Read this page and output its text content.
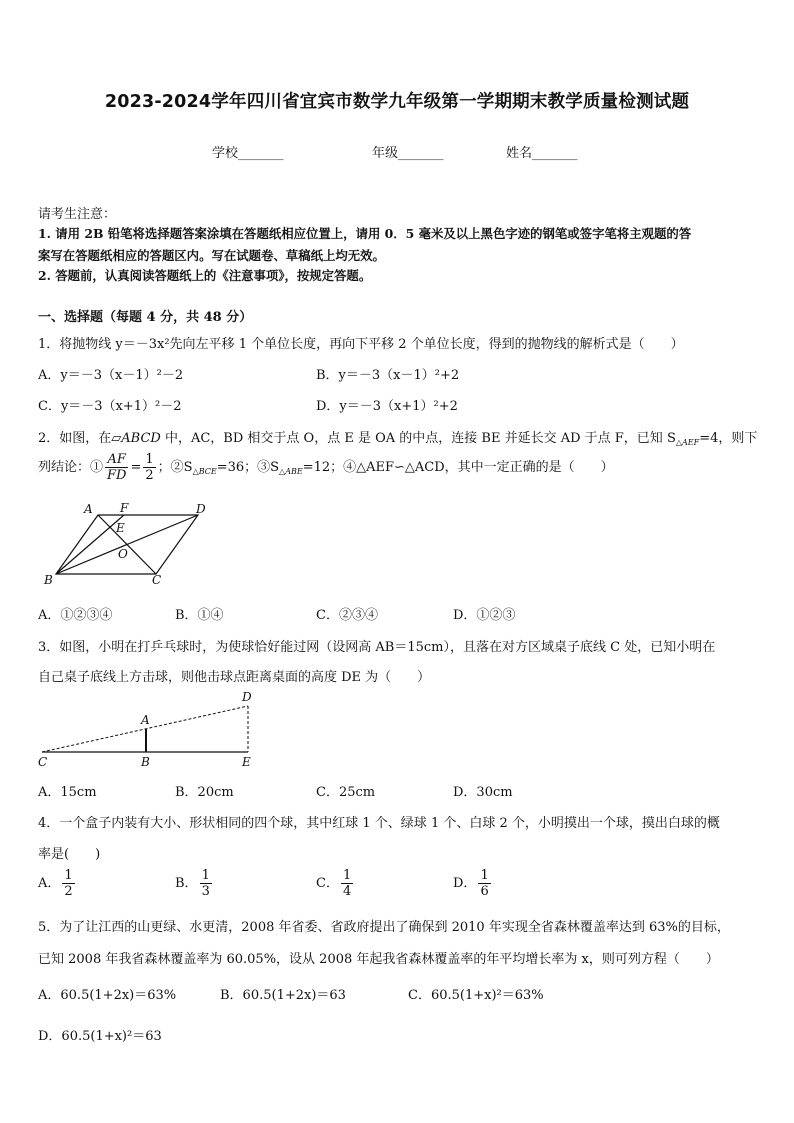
2023-2024学年四川省宜宾市数学九年级第一学期期末教学质量检测试题
学校_______	年级_______	姓名_______
请考生注意：
1. 请用 2B 铅笔将选择题答案涂填在答题纸相应位置上，请用 0．5 毫米及以上黑色字迹的钢笔或签字笔将主观题的答
案写在答题纸相应的答题区内。写在试题卷、草稿纸上均无效。
2. 答题前，认真阅读答题纸上的《注意事项》，按规定答题。
一、选择题（每题 4 分，共 48 分）
1．将抛物线 y＝－3x²先向左平移 1 个单位长度，再向下平移 2 个单位长度，得到的抛物线的解析式是（　　）
A．y＝－3（x－1）²－2	B．y＝－3（x－1）²+2
C．y＝－3（x+1）²－2	D．y＝－3（x+1）²+2
2．如图，在▱ABCD 中，AC，BD 相交于点 O，点 E 是 OA 的中点，连接 BE 并延长交 AD 于点 F，已知 $S_{\triangle AEF}=4$，则下
列结论：① $\frac{AF}{FD} = \frac{1}{2}$ ；$②S_{\triangle BCE}=36$；$③S_{\triangle ABE}=12$；④△AEF∽△ACD，其中一定正确的是（　　）
A F	D
E
O
B	C
A．①②③④	B．①④	C．②③④	D．①②③
3．如图，小明在打乒乓球时，为使球恰好能过网（设网高 AB＝15cm），且落在对方区域桌子底线 C 处，已知小明在
自己桌子底线上方击球，则他击球点距离桌面的高度 DE 为（　　）
D
A
C	B	E
A．15cm	B．20cm	C．25cm	D．30cm
4．一个盒子内装有大小、形状相同的四个球，其中红球 1 个、绿球 1 个、白球 2 个，小明摸出一个球，摸出白球的概
率是(　　)
A． $\frac{1}{2}$	B． $\frac{1}{3}$	C． $\frac{1}{4}$	D． $\frac{1}{6}$
5．为了让江西的山更绿、水更清，2008 年省委、省政府提出了确保到 2010 年实现全省森林覆盖率达到 63%的目标，
已知 2008 年我省森林覆盖率为 60.05%，设从 2008 年起我省森林覆盖率的年平均增长率为 x，则可列方程（　　）
A．60.5(1+2x)＝63%	B．60.5(1+2x)＝63	C．60.5(1+x)²＝63%
D．60.5(1+x)²＝63
